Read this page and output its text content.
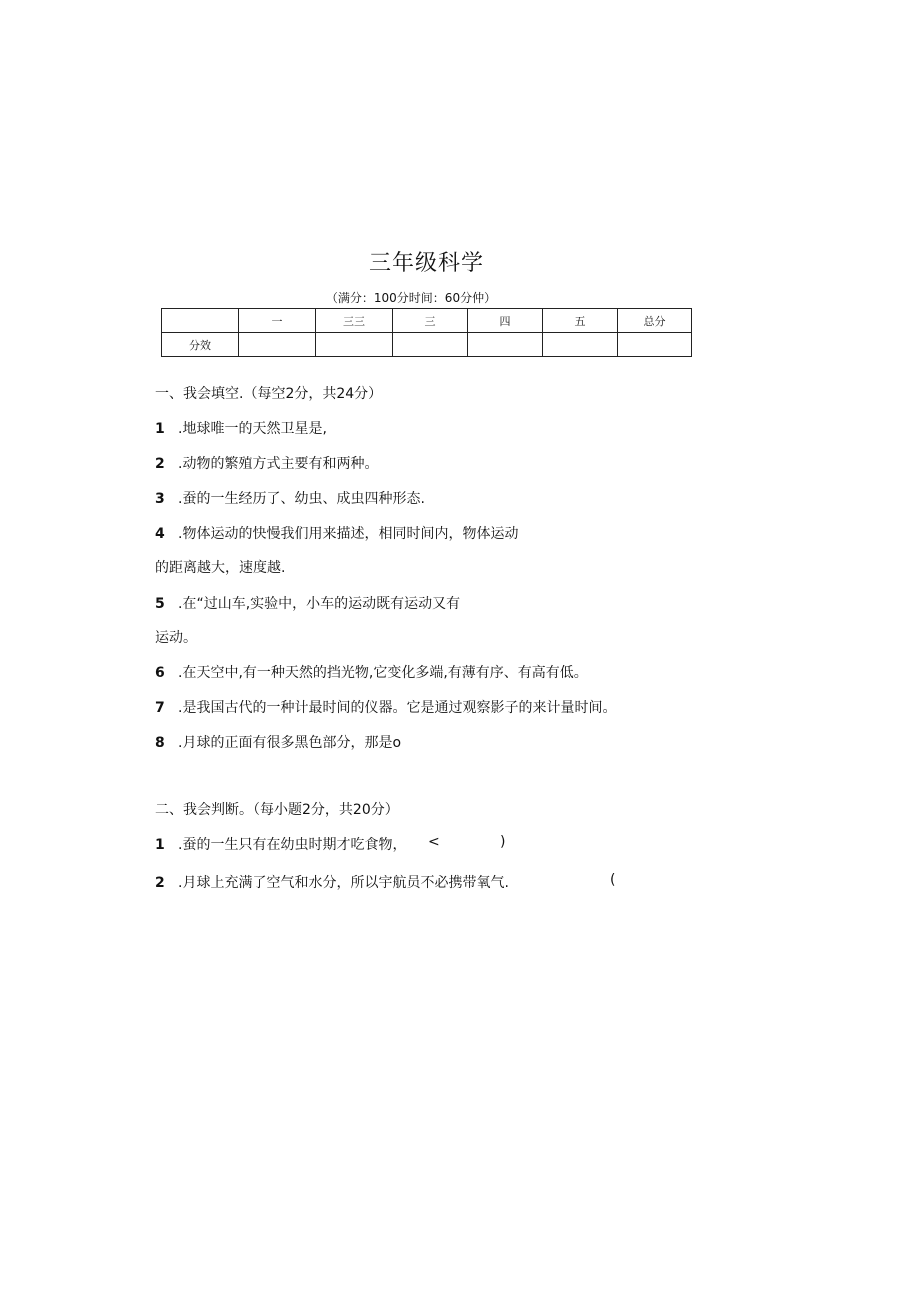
三年级科学
（满分：100分时间：60分仲）
	一	三三	三	四	五	总分
分效						
一、我会填空.（每空2分，共24分）
1 .地球唯一的天然卫星是,
2 .动物的繁殖方式主要有和两种。
3 .蚕的一生经历了、幼虫、成虫四种形态.
4 .物体运动的快慢我们用来描述，相同时间内，物体运动
的距离越大，速度越.
5 .在“过山车,实验中，小车的运动既有运动又有
运动。
6 .在天空中,有一种天然的挡光物,它变化多端,有薄有序、有高有低。
7 .是我国古代的一种计最时间的仪器。它是通过观察影子的来计量时间。
8 .月球的正面有很多黑色部分，那是o
二、我会判断。（每小题2分，共20分）
1 .蚕的一生只有在幼虫时期才吃食物， <	)
2 .月球上充满了空气和水分，所以宇航员不必携带氧气.	(
